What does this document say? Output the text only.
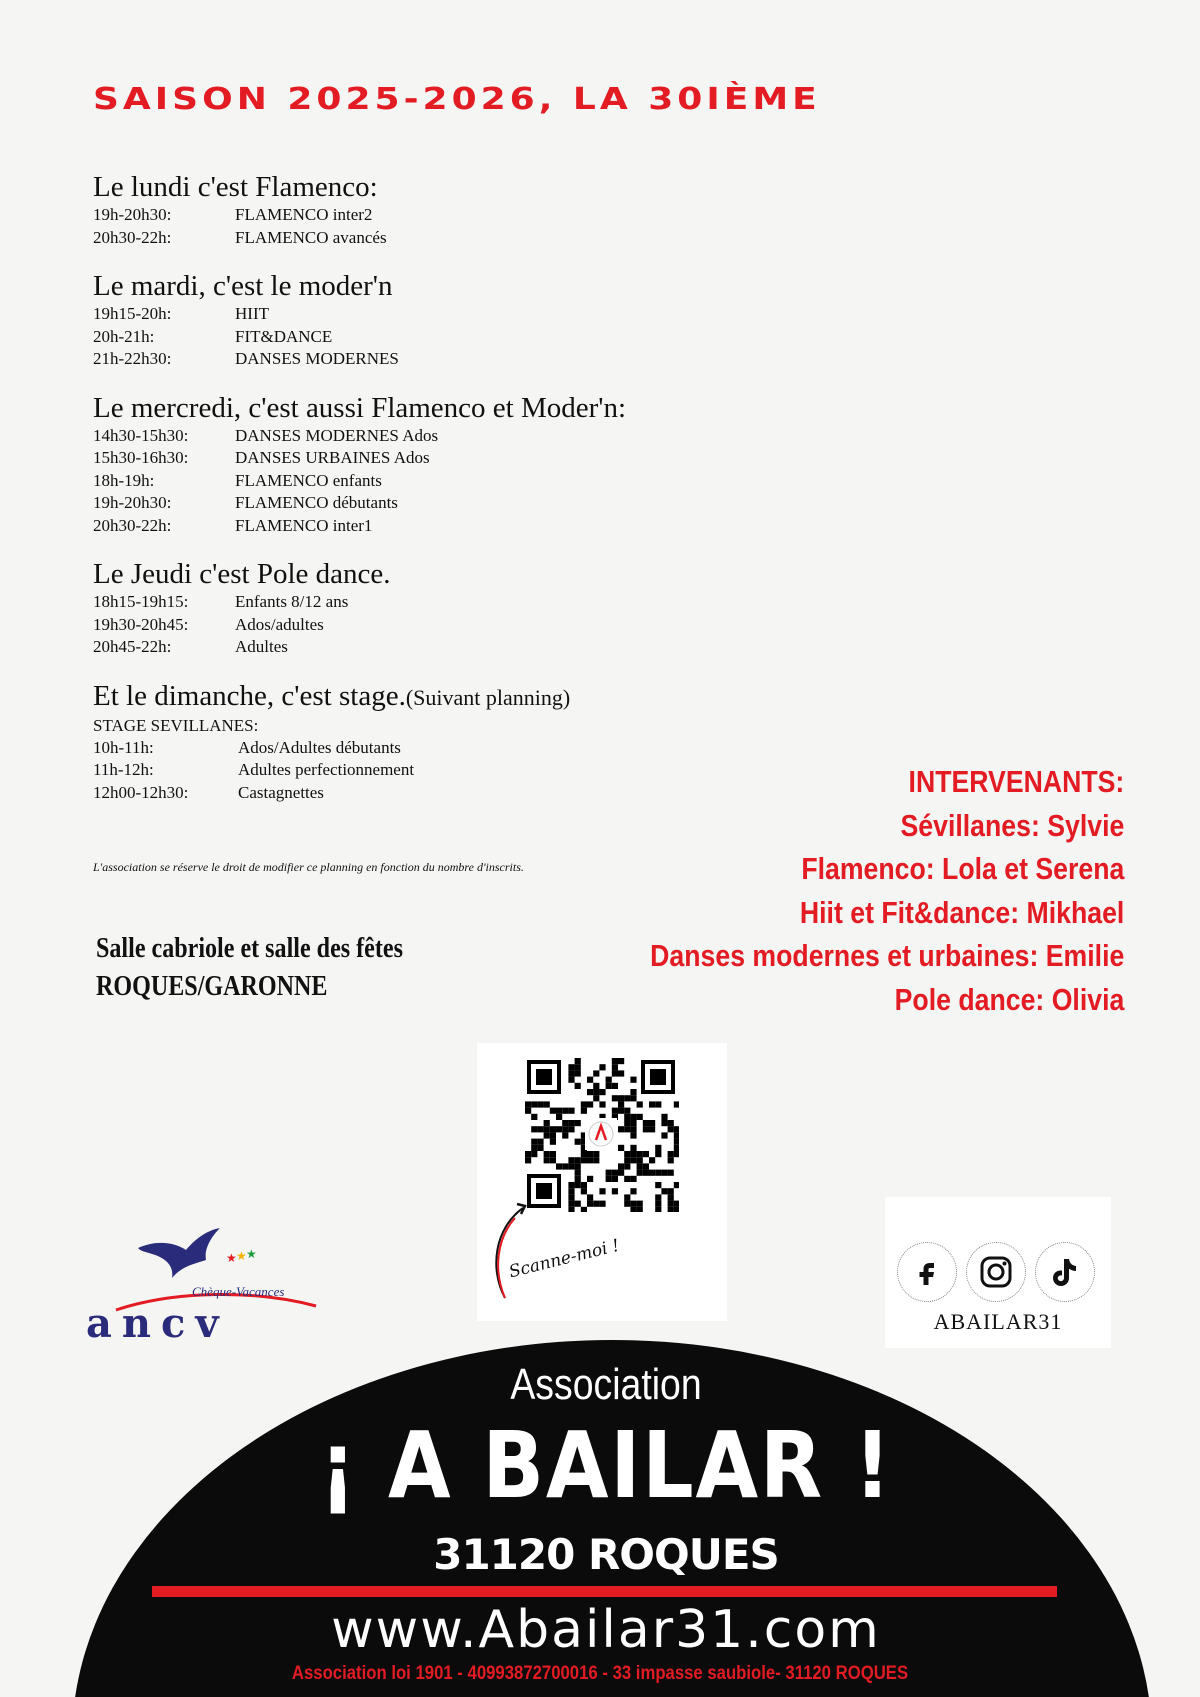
SAISON 2025-2026, LA 30IÈME
Le lundi c'est Flamenco:
19h-20h30:	FLAMENCO inter2
20h30-22h:	FLAMENCO avancés
Le mardi, c'est le moder'n
19h15-20h:	HIIT
20h-21h:	FIT&DANCE
21h-22h30:	DANSES MODERNES
Le mercredi, c'est aussi Flamenco et Moder'n:
14h30-15h30:	DANSES MODERNES Ados
15h30-16h30:	DANSES URBAINES Ados
18h-19h:	FLAMENCO enfants
19h-20h30:	FLAMENCO débutants
20h30-22h:	FLAMENCO inter1
Le Jeudi c'est Pole dance.
18h15-19h15:	Enfants 8/12 ans
19h30-20h45:	Ados/adultes
20h45-22h:	Adultes
Et le dimanche, c'est stage.(Suivant planning)
STAGE SEVILLANES:
10h-11h:	Ados/Adultes débutants
11h-12h:	Adultes perfectionnement
12h00-12h30:	Castagnettes
L'association se réserve le droit de modifier ce planning en fonction du nombre d'inscrits.
Salle cabriole et salle des fêtes
ROQUES/GARONNE
INTERVENANTS:
Sévillanes: Sylvie
Flamenco: Lola et Serena
Hiit et Fit&dance: Mikhael
Danses modernes et urbaines: Emilie
Pole dance: Olivia
Scanne-moi !
★ ★ ★
Chèque-Vacances
ancv	ABAILAR31
Association
¡ A BAILAR !
31120 ROQUES
www.Abailar31.com
Association loi 1901 - 40993872700016 - 33 impasse saubiole- 31120 ROQUES
